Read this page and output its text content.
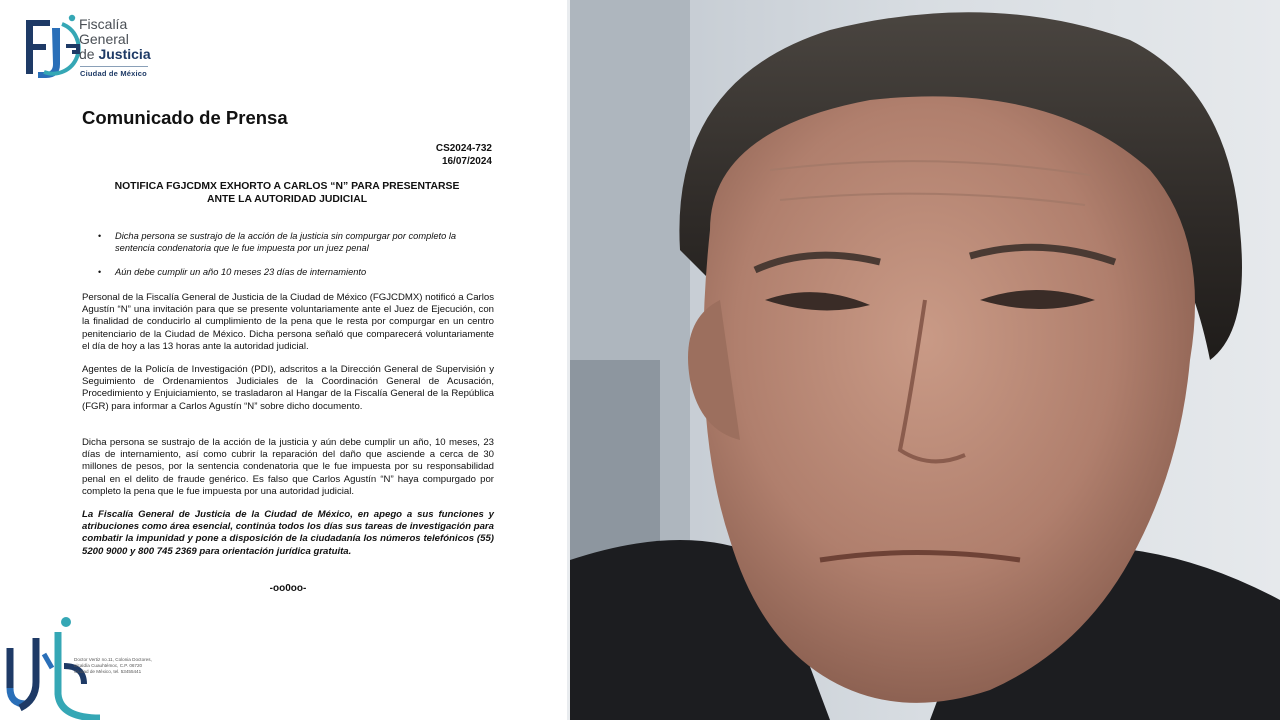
Fiscalía
General
de Justicia
Ciudad de México
Comunicado de Prensa
CS2024-732
16/07/2024
NOTIFICA FGJCDMX EXHORTO A CARLOS “N” PARA PRESENTARSE
ANTE LA AUTORIDAD JUDICIAL
• Dicha persona se sustrajo de la acción de la justicia sin compurgar por completo la sentencia condenatoria que le fue impuesta por un juez penal
• Aún debe cumplir un año 10 meses 23 días de internamiento

Personal de la Fiscalía General de Justicia de la Ciudad de México (FGJCDMX) notificó a Carlos Agustín “N” una invitación para que se presente voluntariamente ante el Juez de Ejecución, con la finalidad de conducirlo al cumplimiento de la pena que le resta por compurgar en un centro penitenciario de la Ciudad de México. Dicha persona señaló que comparecerá voluntariamente el día de hoy a las 13 horas ante la autoridad judicial.

Agentes de la Policía de Investigación (PDI), adscritos a la Dirección General de Supervisión y Seguimiento de Ordenamientos Judiciales de la Coordinación General de Acusación, Procedimiento y Enjuiciamiento, se trasladaron al Hangar de la Fiscalía General de la República (FGR) para informar a Carlos Agustín “N” sobre dicho documento.

Dicha persona se sustrajo de la acción de la justicia y aún debe cumplir un año, 10 meses, 23 días de internamiento, así como cubrir la reparación del daño que asciende a cerca de 30 millones de pesos, por la sentencia condenatoria que le fue impuesta por su responsabilidad penal en el delito de fraude genérico. Es falso que Carlos Agustín “N” haya compurgado por completo la pena que le fue impuesta por una autoridad judicial.

La Fiscalía General de Justicia de la Ciudad de México, en apego a sus funciones y atribuciones como área esencial, continúa todos los días sus tareas de investigación para combatir la impunidad y pone a disposición de la ciudadanía los números telefónicos (55) 5200 9000 y 800 745 2369 para orientación jurídica gratuita.

-oo0oo-
Doctor Vertiz no.11, Colonia Doctores,
alcaldía Cuauhtémoc, C.P. 06720
Ciudad de México, tel. 53455441
